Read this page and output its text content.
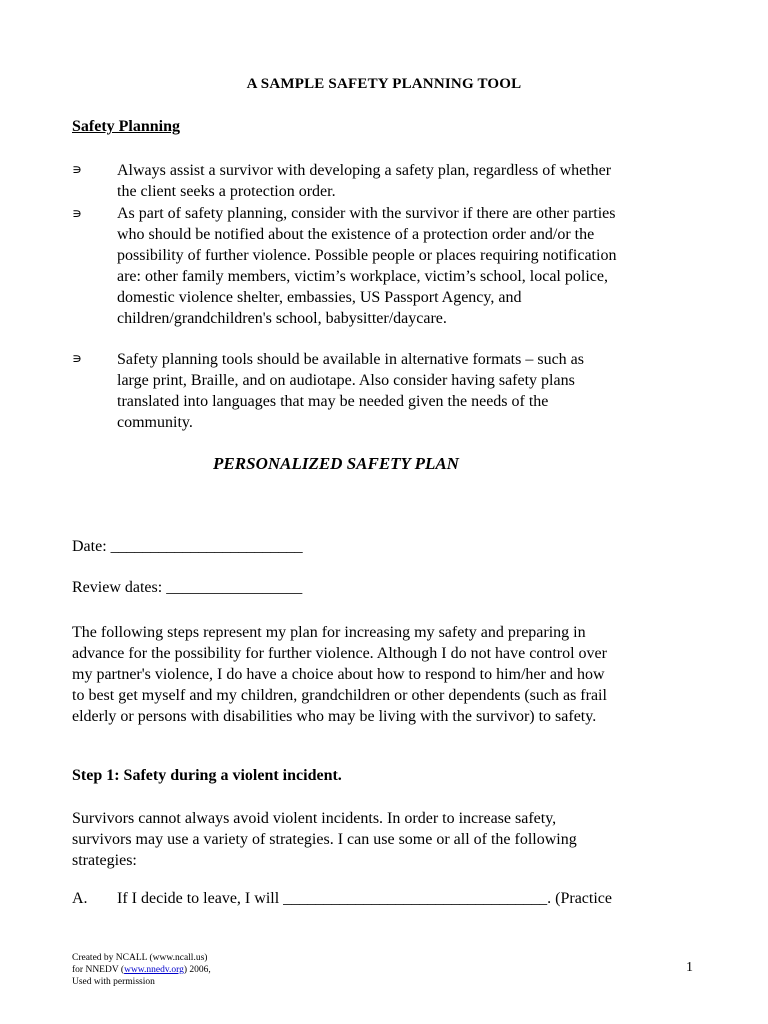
A SAMPLE SAFETY PLANNING TOOL
Safety Planning
∍ Always assist a survivor with developing a safety plan, regardless of whether the client seeks a protection order.
∍ As part of safety planning, consider with the survivor if there are other parties who should be notified about the existence of a protection order and/or the possibility of further violence. Possible people or places requiring notification are: other family members, victim’s workplace, victim’s school, local police, domestic violence shelter, embassies, US Passport Agency, and children/grandchildren's school, babysitter/daycare.
∍ Safety planning tools should be available in alternative formats – such as large print, Braille, and on audiotape. Also consider having safety plans translated into languages that may be needed given the needs of the community.
PERSONALIZED SAFETY PLAN
Date: ________________________
Review dates: _________________
The following steps represent my plan for increasing my safety and preparing in advance for the possibility for further violence. Although I do not have control over my partner's violence, I do have a choice about how to respond to him/her and how to best get myself and my children, grandchildren or other dependents (such as frail elderly or persons with disabilities who may be living with the survivor) to safety.
Step 1: Safety during a violent incident.
Survivors cannot always avoid violent incidents. In order to increase safety, survivors may use a variety of strategies. I can use some or all of the following strategies:
A. If I decide to leave, I will _________________________________. (Practice
Created by NCALL (www.ncall.us)
for NNEDV (www.nnedv.org) 2006,
Used with permission
1
